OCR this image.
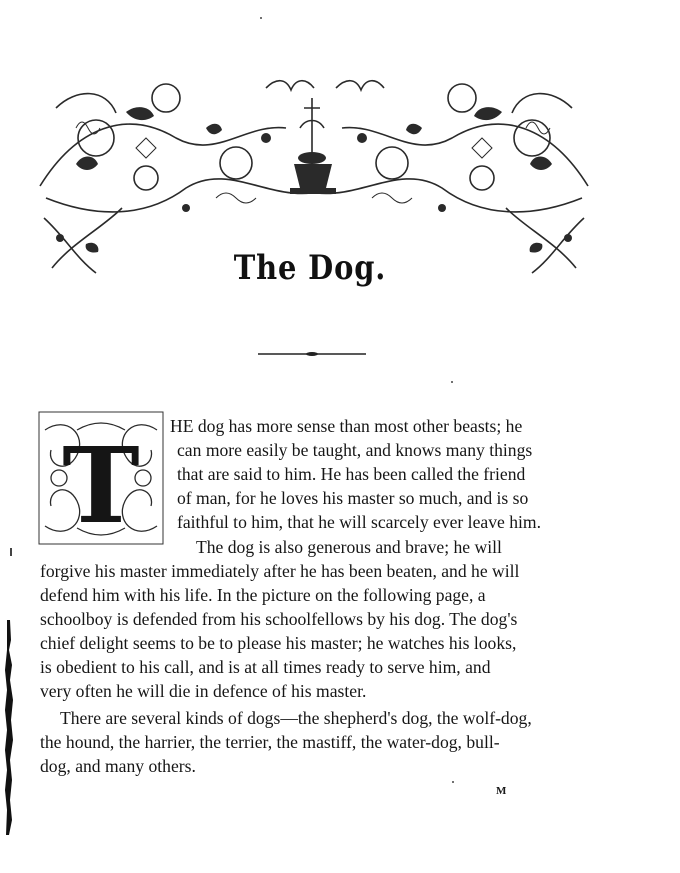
The Dog.
T HE dog has more sense than most other beasts; he
can more easily be taught, and knows many things
that are said to him. He has been called the friend
of man, for he loves his master so much, and is so
faithful to him, that he will scarcely ever leave him.
The dog is also generous and brave; he will
forgive his master immediately after he has been beaten, and he will
defend him with his life. In the picture on the following page, a
schoolboy is defended from his schoolfellows by his dog. The dog's
chief delight seems to be to please his master; he watches his looks,
is obedient to his call, and is at all times ready to serve him, and
very often he will die in defence of his master.
There are several kinds of dogs—the shepherd's dog, the wolf-dog,
the hound, the harrier, the terrier, the mastiff, the water-dog, bull-
dog, and many others.
M
